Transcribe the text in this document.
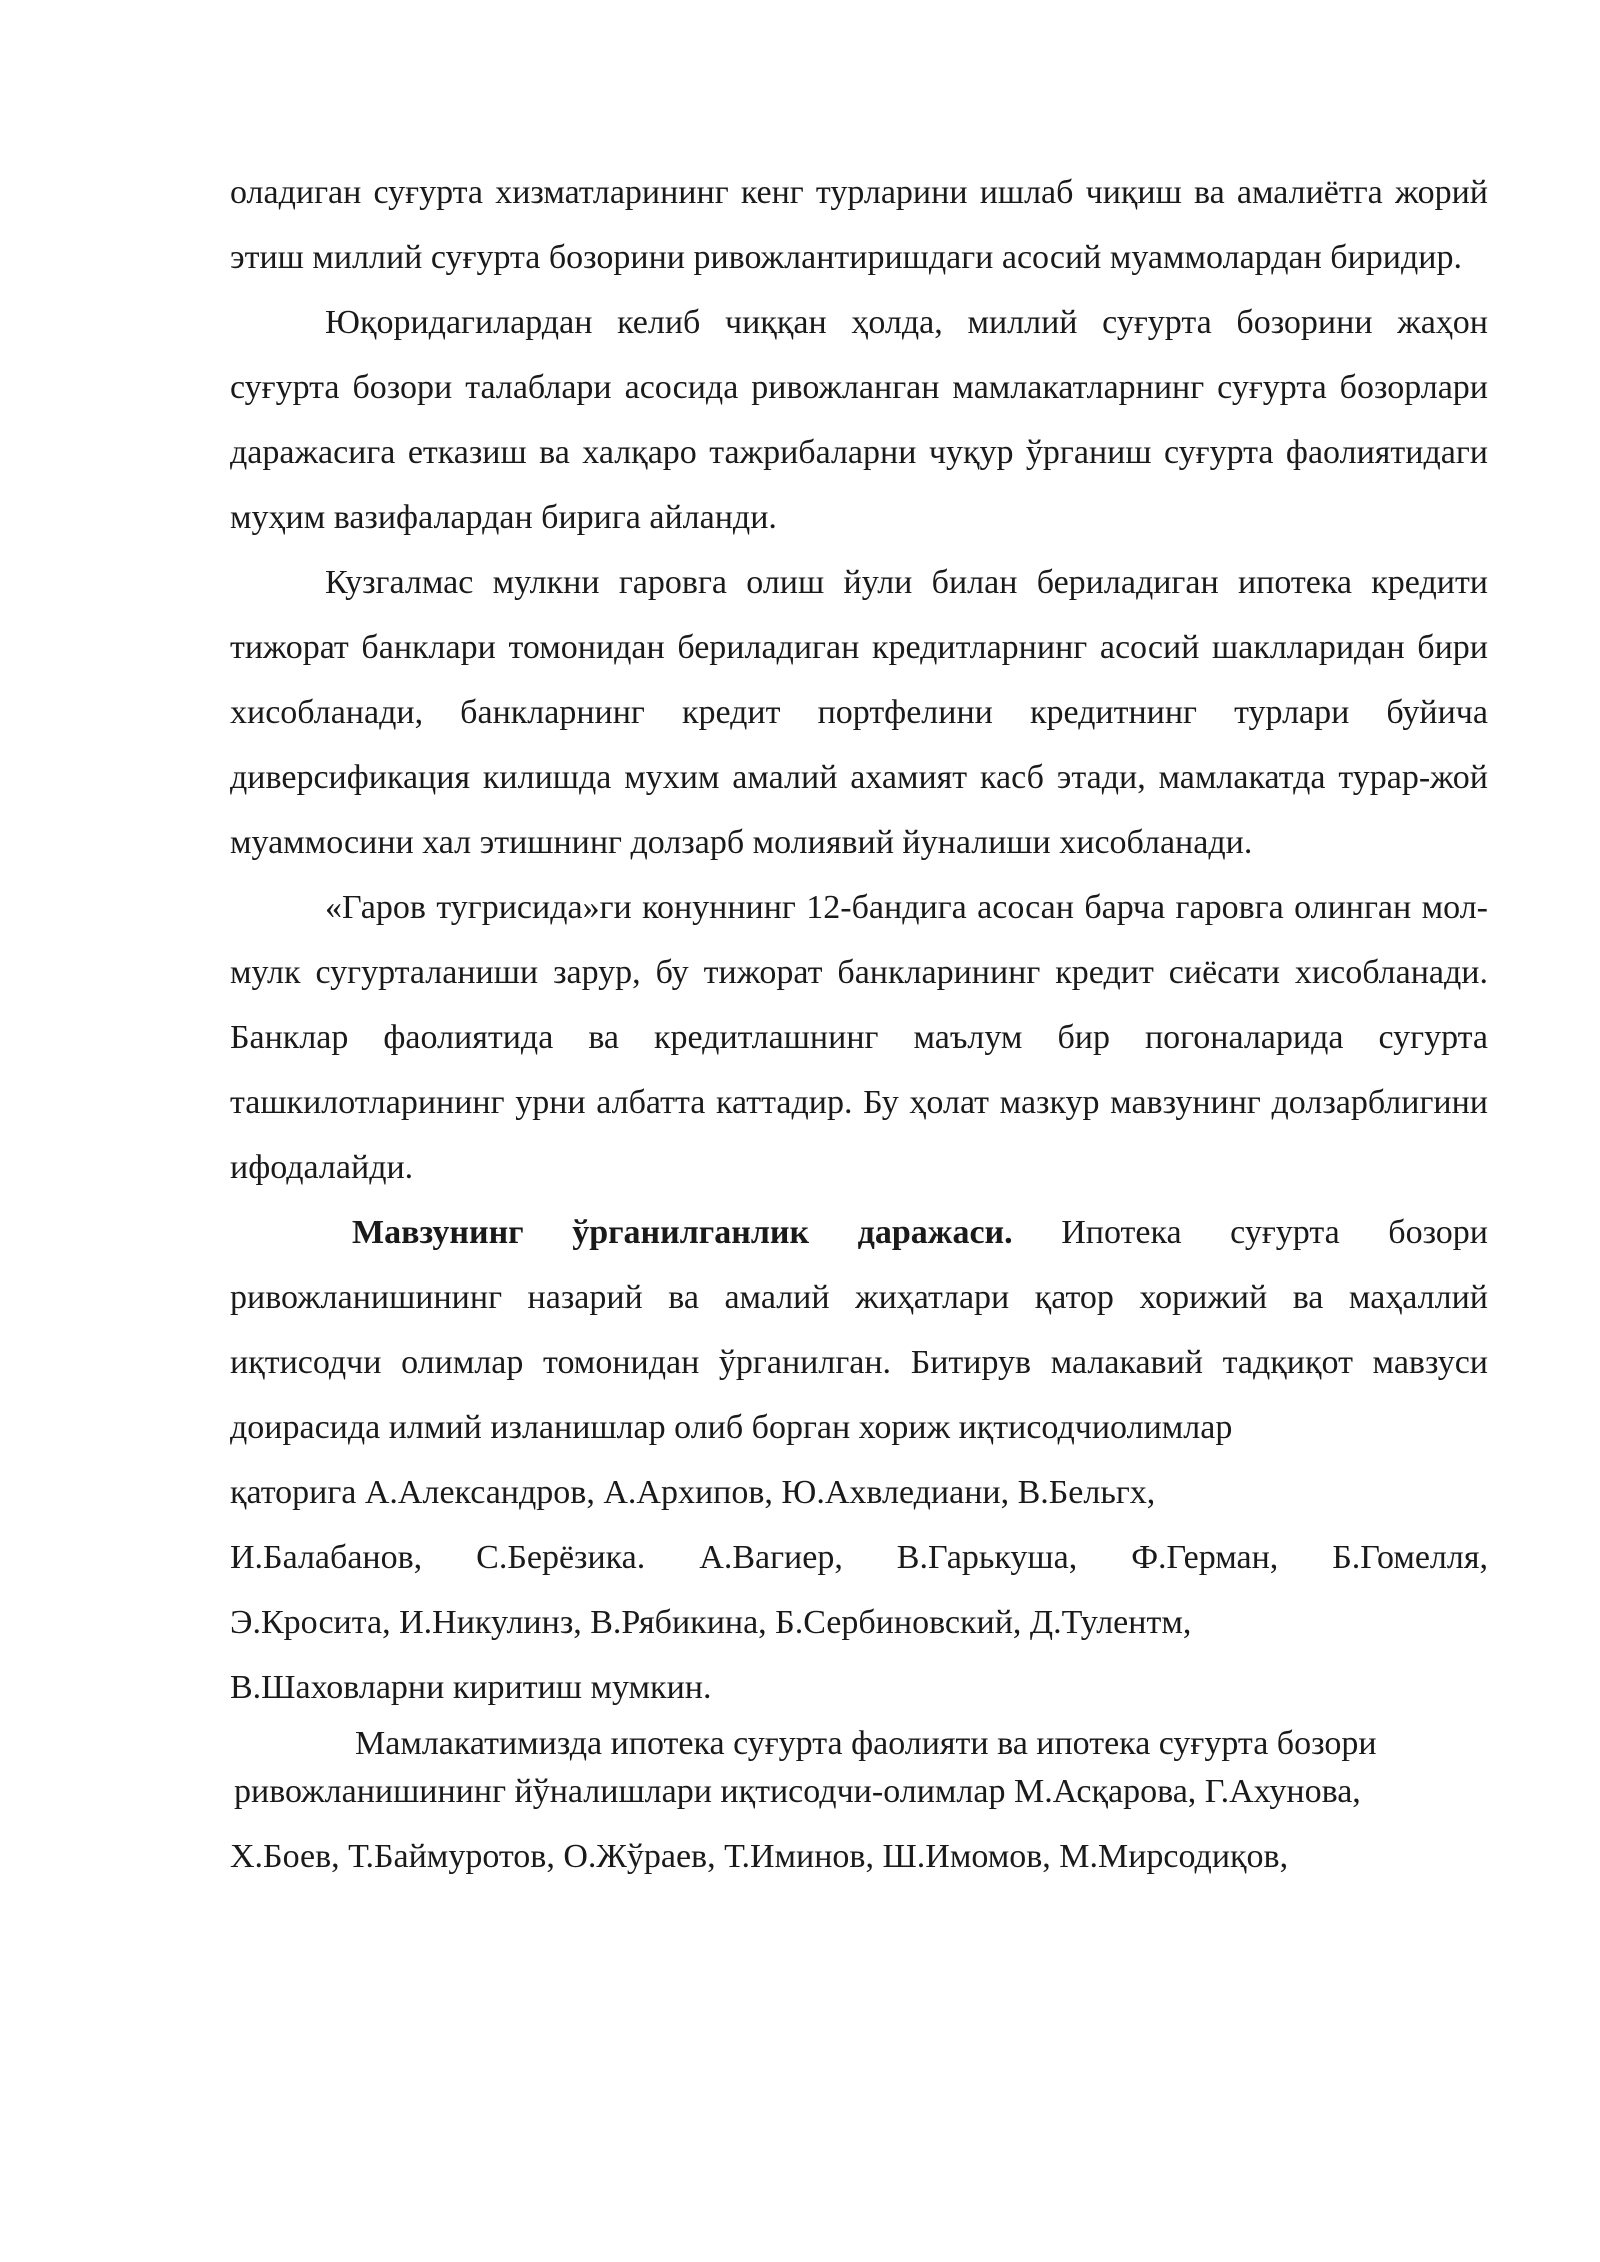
оладиган суғурта хизматларининг кенг турларини ишлаб чиқиш ва амалиётга жорий этиш миллий суғурта бозорини ривожлантиришдаги асосий муаммолардан биридир.

Юқоридагилардан келиб чиққан ҳолда, миллий суғурта бозорини жаҳон суғурта бозори талаблари асосида ривожланган мамлакатларнинг суғурта бозорлари даражасига етказиш ва халқаро тажрибаларни чуқур ўрганиш суғурта фаолиятидаги муҳим вазифалардан бирига айланди.

Кузгалмас мулкни гаровга олиш йули билан бериладиган ипотека кредити тижорат банклари томонидан бериладиган кредитларнинг асосий шаклларидан бири хисобланади, банкларнинг кредит портфелини кредитнинг турлари буйича диверсификация килишда мухим амалий ахамият касб этади, мамлакатда турар-жой муаммосини хал этишнинг долзарб молиявий йуналиши хисобланади.

«Гаров тугрисида»ги конуннинг 12-бандига асосан барча гаровга олинган мол-мулк сугурталаниши зарур, бу тижорат банкларининг кредит сиёсати хисобланади. Банклар фаолиятида ва кредитлашнинг маълум бир погоналарида сугурта ташкилотларининг урни албатта каттадир. Бу ҳолат мазкур мавзунинг долзарблигини ифодалайди.

Мавзунинг ўрганилганлик даражаси. Ипотека суғурта бозори ривожланишининг назарий ва амалий жиҳатлари қатор хорижий ва маҳаллий иқтисодчи олимлар томонидан ўрганилган. Битирув малакавий тадқиқот мавзуси доирасида илмий изланишлар олиб борган хориж иқтисодчиолимлар

қаторига А.Александров, А.Архипов, Ю.Ахвледиани, В.Бельгх,

И.Балабанов, С.Берёзика. А.Вагиер, В.Гарькуша, Ф.Герман, Б.Гомелля,

Э.Кросита, И.Никулинз, В.Рябикина, Б.Сербиновский, Д.Тулентм,

В.Шаховларни киритиш мумкин.

Мамлакатимизда ипотека суғурта фаолияти ва ипотека суғурта бозори

ривожланишининг йўналишлари иқтисодчи-олимлар М.Асқарова, Г.Ахунова,

Х.Боев, Т.Баймуротов, О.Жўраев, Т.Иминов, Ш.Имомов, М.Мирсодиқов,
